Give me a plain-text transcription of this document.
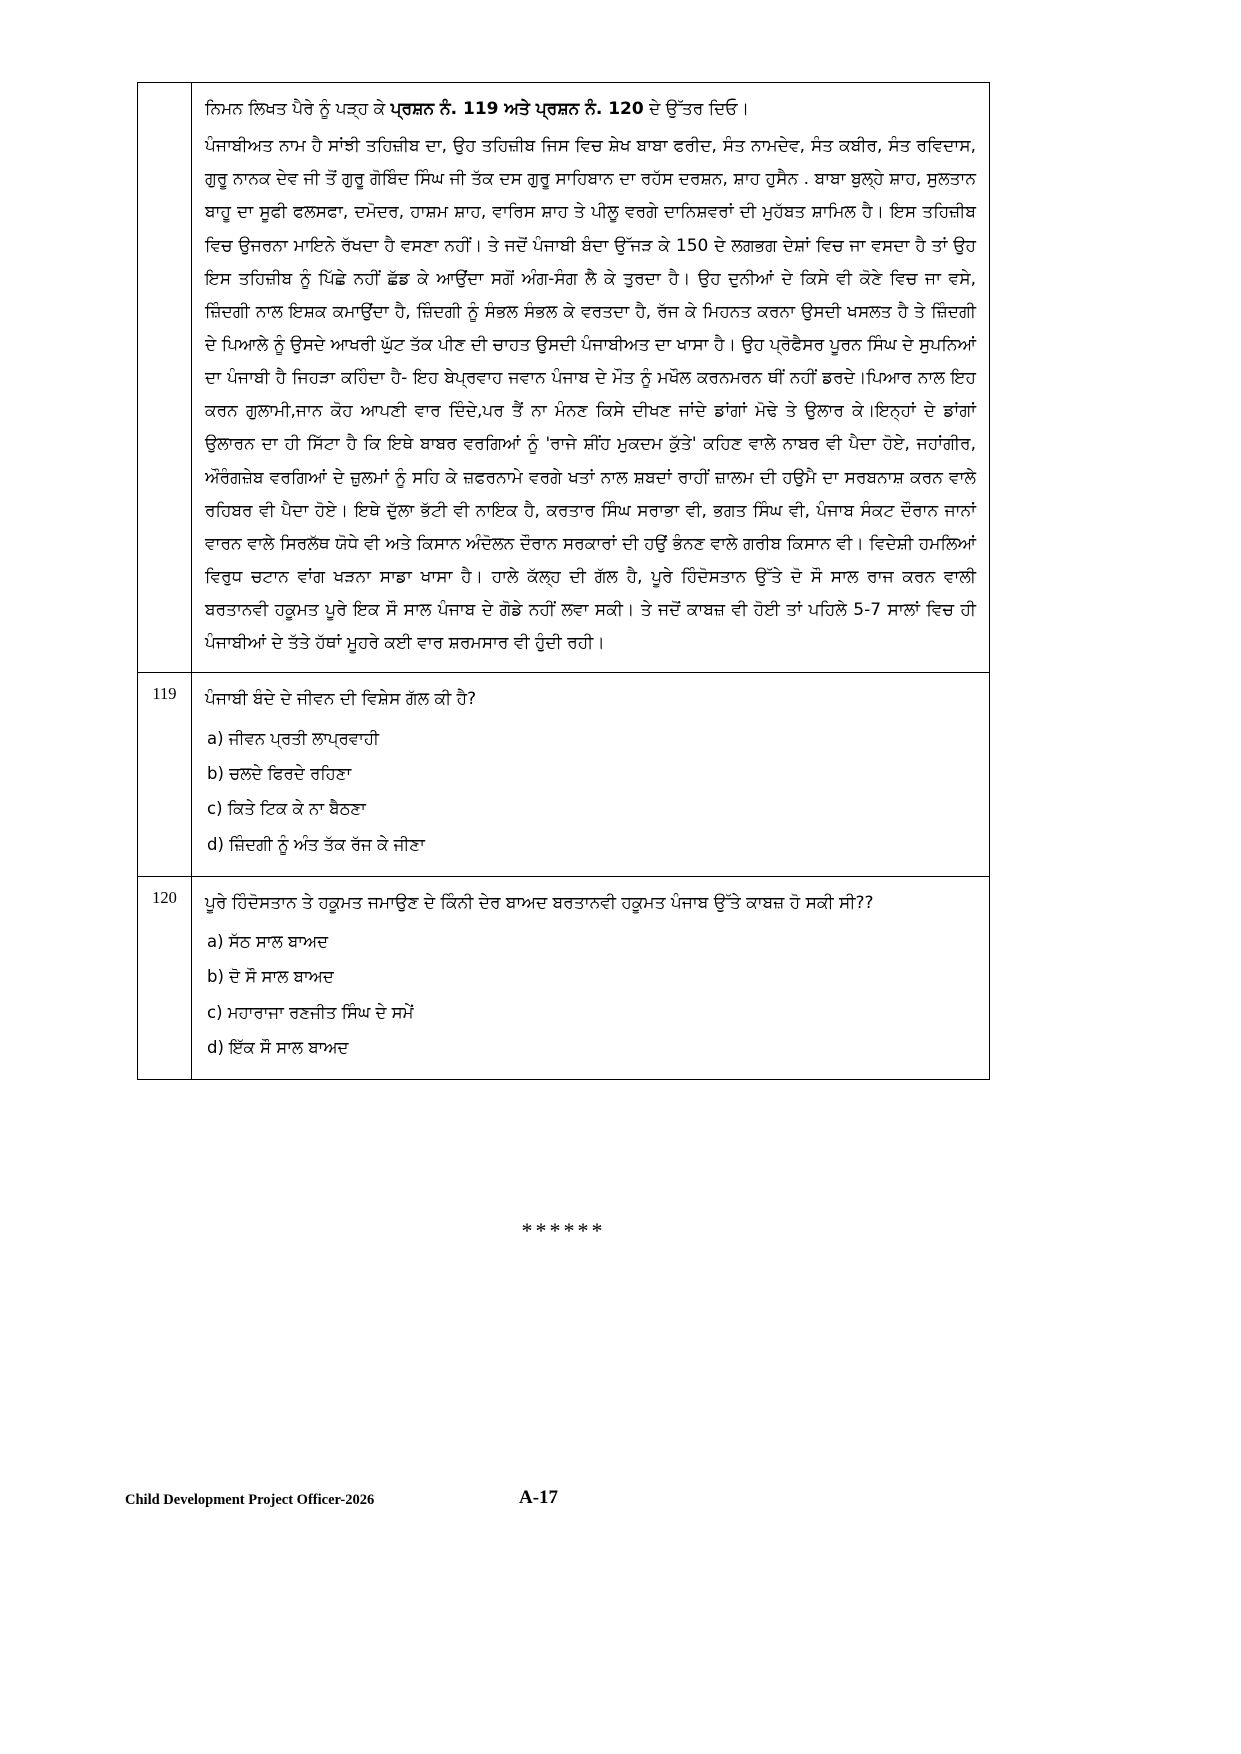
	ਨਿਮਨ ਲਿਖਤ ਪੈਰੇ ਨੂੰ ਪੜ੍ਹ ਕੇ ਪ੍ਰਸ਼ਨ ਨੰ. 119 ਅਤੇ ਪ੍ਰਸ਼ਨ ਨੰ. 120 ਦੇ ਉੱਤਰ ਦਿਓ।

ਪੰਜਾਬੀਅਤ ਨਾਮ ਹੈ ਸਾਂਝੀ ਤਹਿਜ਼ੀਬ ਦਾ, ਉਹ ਤਹਿਜ਼ੀਬ ਜਿਸ ਵਿਚ ਸ਼ੇਖ ਬਾਬਾ ਫਰੀਦ, ਸੰਤ ਨਾਮਦੇਵ, ਸੰਤ ਕਬੀਰ, ਸੰਤ ਰਵਿਦਾਸ, ਗੁਰੂ ਨਾਨਕ ਦੇਵ ਜੀ ਤੋਂ ਗੁਰੂ ਗੋਬਿੰਦ ਸਿੰਘ ਜੀ ਤੱਕ ਦਸ ਗੁਰੂ ਸਾਹਿਬਾਨ ਦਾ ਰਹੱਸ ਦਰਸ਼ਨ, ਸ਼ਾਹ ਹੁਸੈਨ . ਬਾਬਾ ਬੁਲ੍ਹੇ ਸ਼ਾਹ, ਸੁਲਤਾਨ ਬਾਹੂ ਦਾ ਸੂਫੀ ਫਲਸਫਾ, ਦਮੋਦਰ, ਹਾਸ਼ਮ ਸ਼ਾਹ, ਵਾਰਿਸ ਸ਼ਾਹ ਤੇ ਪੀਲੂ ਵਰਗੇ ਦਾਨਿਸ਼ਵਰਾਂ ਦੀ ਮੁਹੱਬਤ ਸ਼ਾਮਿਲ ਹੈ। ਇਸ ਤਹਿਜ਼ੀਬ ਵਿਚ ਉਜਰਨਾ ਮਾਇਨੇ ਰੱਖਦਾ ਹੈ ਵਸਣਾ ਨਹੀਂ। ਤੇ ਜਦੋਂ ਪੰਜਾਬੀ ਬੰਦਾ ਉੱਜੜ ਕੇ 150 ਦੇ ਲਗਭਗ ਦੇਸ਼ਾਂ ਵਿਚ ਜਾ ਵਸਦਾ ਹੈ ਤਾਂ ਉਹ ਇਸ ਤਹਿਜ਼ੀਬ ਨੂੰ ਪਿੱਛੇ ਨਹੀਂ ਛੱਡ ਕੇ ਆਉਂਦਾ ਸਗੋਂ ਅੰਗ-ਸੰਗ ਲੈ ਕੇ ਤੁਰਦਾ ਹੈ। ਉਹ ਦੁਨੀਆਂ ਦੇ ਕਿਸੇ ਵੀ ਕੋਣੇ ਵਿਚ ਜਾ ਵਸੇ, ਜ਼ਿੰਦਗੀ ਨਾਲ ਇਸ਼ਕ ਕਮਾਉਂਦਾ ਹੈ, ਜ਼ਿੰਦਗੀ ਨੂੰ ਸੰਭਲ ਸੰਭਲ ਕੇ ਵਰਤਦਾ ਹੈ, ਰੱਜ ਕੇ ਮਿਹਨਤ ਕਰਨਾ ਉਸਦੀ ਖਸਲਤ ਹੈ ਤੇ ਜ਼ਿੰਦਗੀ ਦੇ ਪਿਆਲੇ ਨੂੰ ਉਸਦੇ ਆਖਰੀ ਘੁੱਟ ਤੱਕ ਪੀਣ ਦੀ ਚਾਹਤ ਉਸਦੀ ਪੰਜਾਬੀਅਤ ਦਾ ਖਾਸਾ ਹੈ। ਉਹ ਪ੍ਰੋਫੈਸਰ ਪੂਰਨ ਸਿੰਘ ਦੇ ਸੁਪਨਿਆਂ ਦਾ ਪੰਜਾਬੀ ਹੈ ਜਿਹੜਾ ਕਹਿੰਦਾ ਹੈ- ਇਹ ਬੇਪ੍ਰਵਾਹ ਜਵਾਨ ਪੰਜਾਬ ਦੇ ਮੌਤ ਨੂੰ ਮਖੌਲ ਕਰਨਮਰਨ ਥੀਂ ਨਹੀਂ ਡਰਦੇ।ਪਿਆਰ ਨਾਲ ਇਹ ਕਰਨ ਗੁਲਾਮੀ,ਜਾਨ ਕੋਹ ਆਪਣੀ ਵਾਰ ਦਿੰਦੇ,ਪਰ ਤੈਂ ਨਾ ਮੰਨਣ ਕਿਸੇ ਦੀਖਣ ਜਾਂਦੇ ਡਾਂਗਾਂ ਮੋਢੇ ਤੇ ਉਲਾਰ ਕੇ।ਇਨ੍ਹਾਂ ਦੇ ਡਾਂਗਾਂ ਉਲਾਰਨ ਦਾ ਹੀ ਸਿੱਟਾ ਹੈ ਕਿ ਇਥੇ ਬਾਬਰ ਵਰਗਿਆਂ ਨੂੰ 'ਰਾਜੇ ਸ਼ੀਂਹ ਮੁਕਦਮ ਕੁੱਤੇ' ਕਹਿਣ ਵਾਲੇ ਨਾਬਰ ਵੀ ਪੈਦਾ ਹੋਏ, ਜਹਾਂਗੀਰ, ਔਰੰਗਜ਼ੇਬ ਵਰਗਿਆਂ ਦੇ ਜ਼ੁਲਮਾਂ ਨੂੰ ਸਹਿ ਕੇ ਜ਼ਫਰਨਾਮੇ ਵਰਗੇ ਖਤਾਂ ਨਾਲ ਸ਼ਬਦਾਂ ਰਾਹੀਂ ਜ਼ਾਲਮ ਦੀ ਹਉਮੈ ਦਾ ਸਰਬਨਾਸ਼ ਕਰਨ ਵਾਲੇ ਰਹਿਬਰ ਵੀ ਪੈਦਾ ਹੋਏ। ਇਥੇ ਦੁੱਲਾ ਭੱਟੀ ਵੀ ਨਾਇਕ ਹੈ, ਕਰਤਾਰ ਸਿੰਘ ਸਰਾਭਾ ਵੀ, ਭਗਤ ਸਿੰਘ ਵੀ, ਪੰਜਾਬ ਸੰਕਟ ਦੌਰਾਨ ਜਾਨਾਂ ਵਾਰਨ ਵਾਲੇ ਸਿਰਲੱਥ ਯੋਧੇ ਵੀ ਅਤੇ ਕਿਸਾਨ ਅੰਦੋਲਨ ਦੌਰਾਨ ਸਰਕਾਰਾਂ ਦੀ ਹਉਂ ਭੰਨਣ ਵਾਲੇ ਗਰੀਬ ਕਿਸਾਨ ਵੀ। ਵਿਦੇਸ਼ੀ ਹਮਲਿਆਂ ਵਿਰੁਧ ਚਟਾਨ ਵਾਂਗ ਖੜਨਾ ਸਾਡਾ ਖਾਸਾ ਹੈ। ਹਾਲੇ ਕੱਲ੍ਹ ਦੀ ਗੱਲ ਹੈ, ਪੂਰੇ ਹਿੰਦੋਸਤਾਨ ਉੱਤੇ ਦੋ ਸੌ ਸਾਲ ਰਾਜ ਕਰਨ ਵਾਲੀ ਬਰਤਾਨਵੀ ਹਕੂਮਤ ਪੂਰੇ ਇਕ ਸੌ ਸਾਲ ਪੰਜਾਬ ਦੇ ਗੋਡੇ ਨਹੀਂ ਲਵਾ ਸਕੀ। ਤੇ ਜਦੋਂ ਕਾਬਜ਼ ਵੀ ਹੋਈ ਤਾਂ ਪਹਿਲੇ 5-7 ਸਾਲਾਂ ਵਿਚ ਹੀ ਪੰਜਾਬੀਆਂ ਦੇ ਤੱਤੇ ਹੱਥਾਂ ਮੂਹਰੇ ਕਈ ਵਾਰ ਸ਼ਰਮਸਾਰ ਵੀ ਹੁੰਦੀ ਰਹੀ।

119	ਪੰਜਾਬੀ ਬੰਦੇ ਦੇ ਜੀਵਨ ਦੀ ਵਿਸ਼ੇਸ ਗੱਲ ਕੀ ਹੈ?

a) ਜੀਵਨ ਪ੍ਰਤੀ ਲਾਪ੍ਰਵਾਹੀ
b) ਚਲਦੇ ਫਿਰਦੇ ਰਹਿਣਾ
c) ਕਿਤੇ ਟਿਕ ਕੇ ਨਾ ਬੈਠਣਾ
d) ਜ਼ਿੰਦਗੀ ਨੂੰ ਅੰਤ ਤੱਕ ਰੱਜ ਕੇ ਜੀਣਾ

120	ਪੂਰੇ ਹਿੰਦੋਸਤਾਨ ਤੇ ਹਕੂਮਤ ਜਮਾਉਣ ਦੇ ਕਿੰਨੀ ਦੇਰ ਬਾਅਦ ਬਰਤਾਨਵੀ ਹਕੂਮਤ ਪੰਜਾਬ ਉੱਤੇ ਕਾਬਜ਼ ਹੋ ਸਕੀ ਸੀ??

a) ਸੱਠ ਸਾਲ ਬਾਅਦ
b) ਦੋ ਸੌ ਸਾਲ ਬਾਅਦ
c) ਮਹਾਰਾਜਾ ਰਣਜੀਤ ਸਿੰਘ ਦੇ ਸਮੇਂ
d) ਇੱਕ ਸੌ ਸਾਲ ਬਾਅਦ
******
Child Development Project Officer-2026	A-17
